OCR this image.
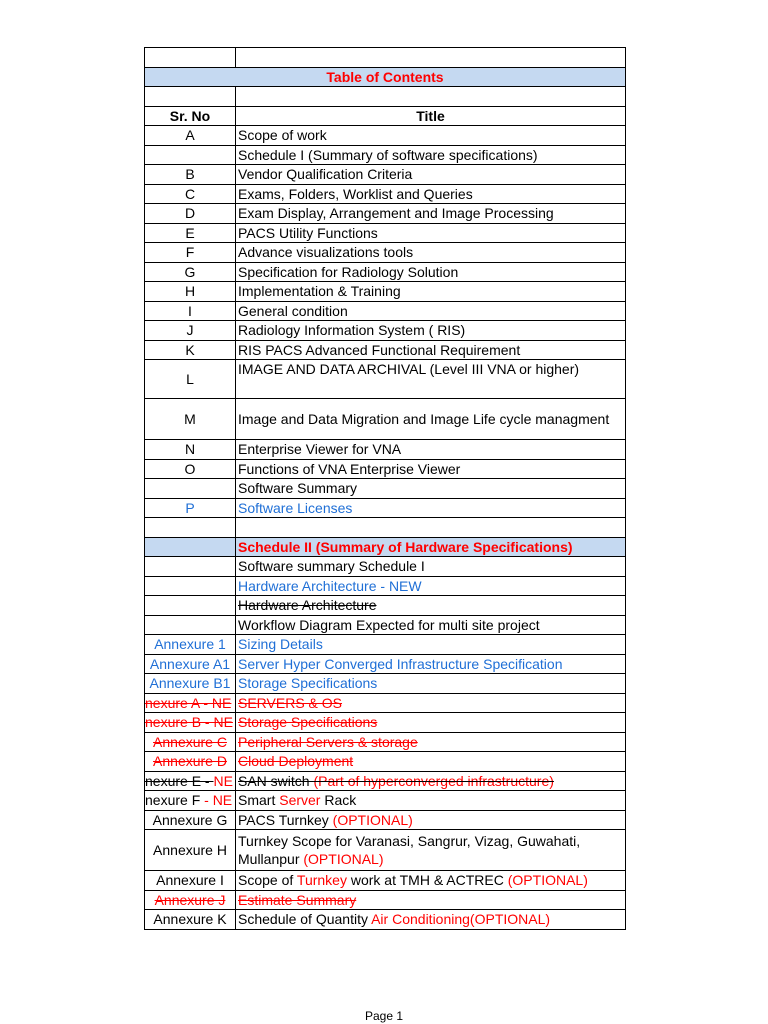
Table of Contents	

Sr. No	Title
A	Scope of work
	Schedule I (Summary of software specifications)
B	Vendor Qualification Criteria
C	Exams, Folders, Worklist and Queries
D	Exam Display, Arrangement and Image Processing
E	PACS Utility Functions
F	Advance visualizations tools
G	Specification for Radiology Solution
H	Implementation & Training
I	General condition
J	Radiology Information System ( RIS)
K	RIS PACS Advanced Functional Requirement
L	IMAGE AND DATA ARCHIVAL (Level III VNA or higher)
M	Image and Data Migration and Image Life cycle managment
N	Enterprise Viewer for VNA
O	Functions of VNA Enterprise Viewer
	Software Summary
P	Software Licenses

	Schedule II (Summary of Hardware Specifications)
	Software summary Schedule I
	Hardware Architecture - NEW
	Hardware Architecture
	Workflow Diagram Expected for multi site project
Annexure 1	Sizing Details
Annexure A1	Server Hyper Converged Infrastructure Specification
Annexure B1	Storage Specifications
nexure A - NE	SERVERS & OS
nexure B - NE	Storage Specifications
Annexure C	Peripheral Servers & storage
Annexure D	Cloud Deployment
nexure E - NE	SAN switch (Part of hyperconverged infrastructure)
nexure F - NE	Smart Server Rack
Annexure G	PACS Turnkey (OPTIONAL)
Annexure H	Turnkey Scope for Varanasi, Sangrur, Vizag, Guwahati, Mullanpur (OPTIONAL)
Annexure I	Scope of Turnkey work at TMH & ACTREC (OPTIONAL)
Annexure J	Estimate Summary
Annexure K	Schedule of Quantity Air Conditioning(OPTIONAL)
Page 1
